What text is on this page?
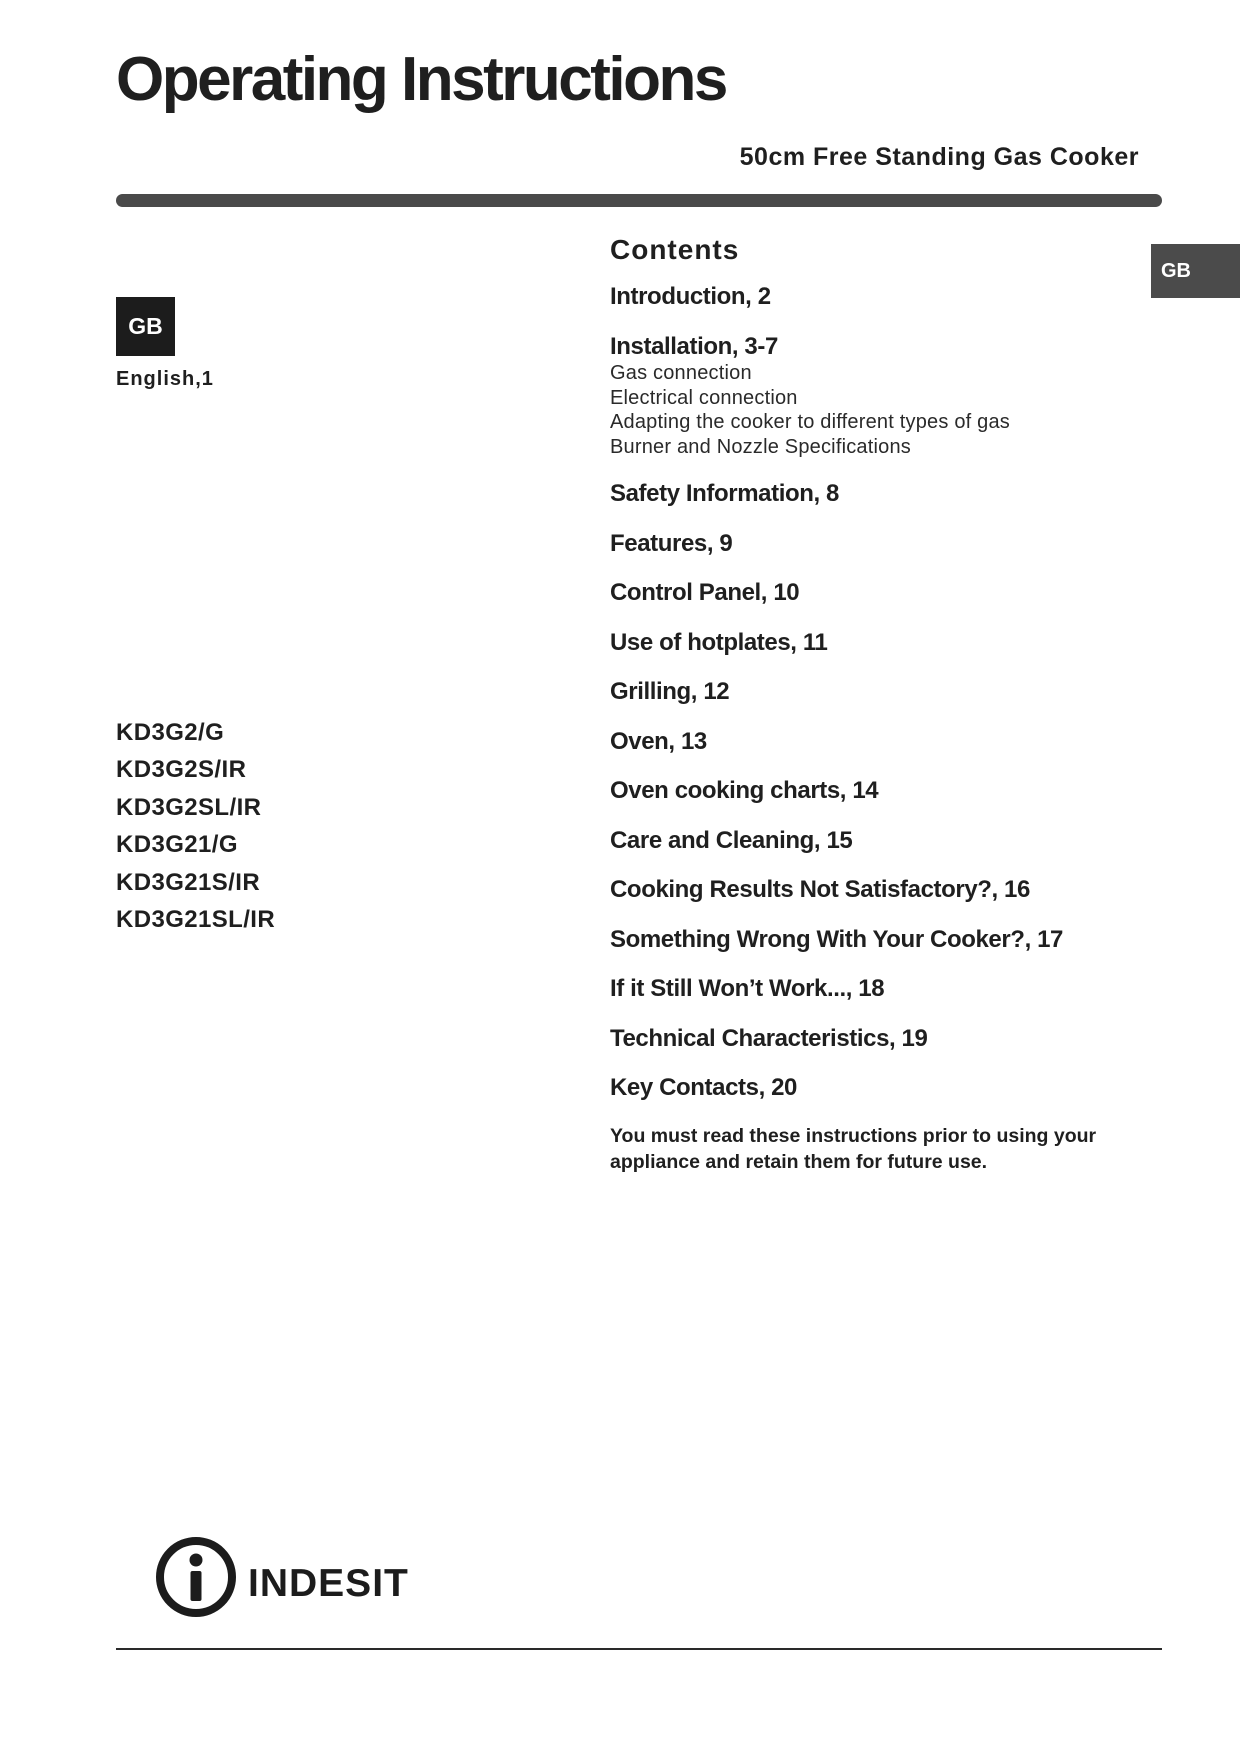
Operating Instructions
50cm Free Standing Gas Cooker
GB
GB
English,1
KD3G2/G
KD3G2S/IR
KD3G2SL/IR
KD3G21/G
KD3G21S/IR
KD3G21SL/IR
Contents
Introduction, 2
Installation, 3-7
Gas connection
Electrical connection
Adapting the cooker to different types of gas
Burner and Nozzle Specifications
Safety Information, 8
Features, 9
Control Panel, 10
Use of hotplates, 11
Grilling, 12
Oven, 13
Oven cooking charts, 14
Care and Cleaning, 15
Cooking Results Not Satisfactory?, 16
Something Wrong With Your Cooker?, 17
If it Still Won’t Work..., 18
Technical Characteristics, 19
Key Contacts, 20

You must read these instructions prior to using your appliance and retain them for future use.

indesit
